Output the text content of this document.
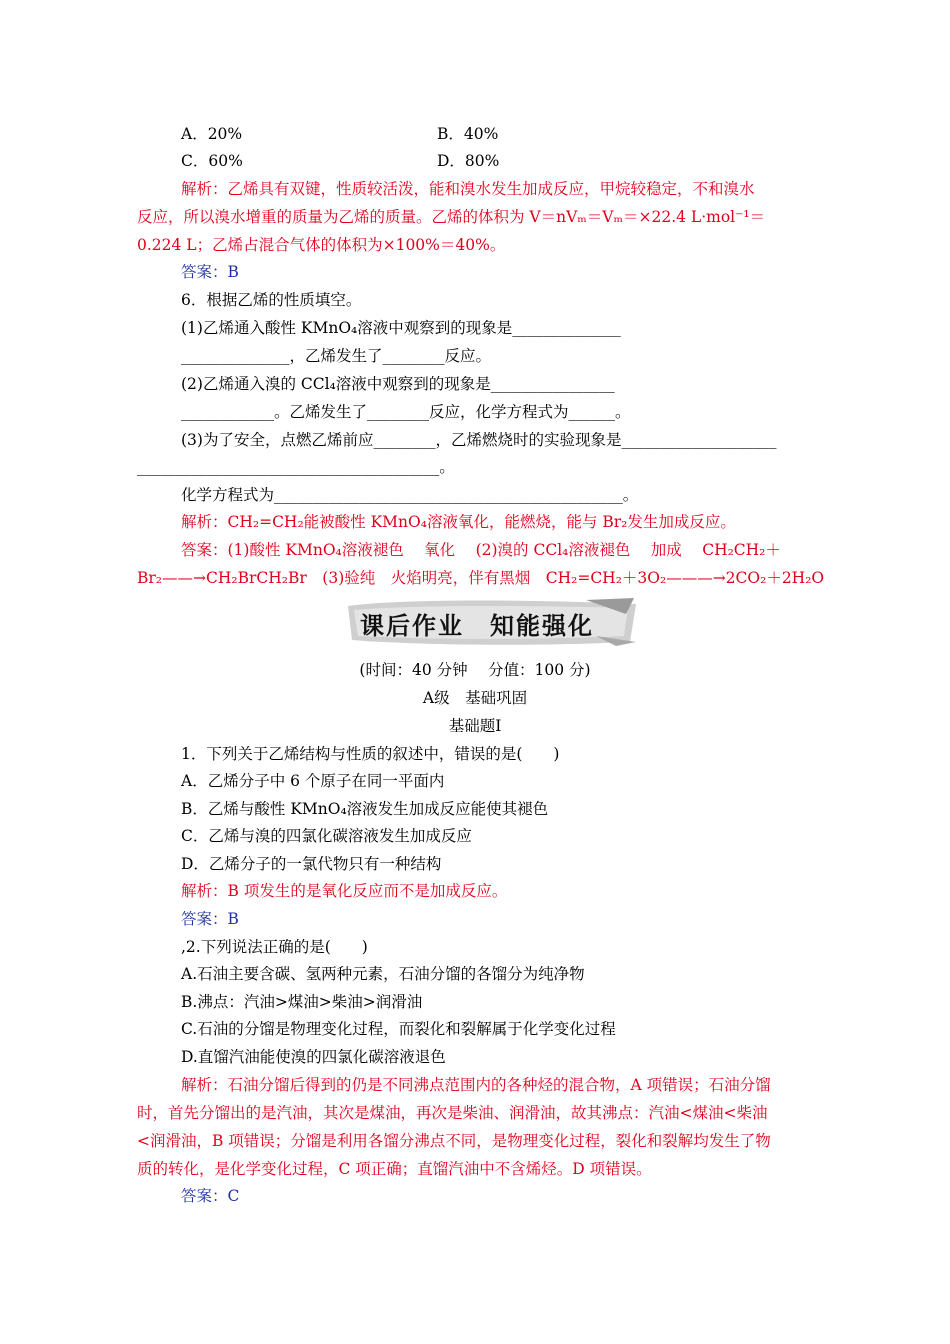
A．20%	B．40%
C．60%	D．80%
解析：乙烯具有双键，性质较活泼，能和溴水发生加成反应，甲烷较稳定，不和溴水
反应，所以溴水增重的质量为乙烯的质量。乙烯的体积为 V＝nVₘ＝Vₘ＝×22.4 L·mol⁻¹＝
0.224 L；乙烯占混合气体的体积为×100%＝40%。
答案：B
6．根据乙烯的性质填空。
(1)乙烯通入酸性 KMnO₄溶液中观察到的现象是______________
______________，乙烯发生了________反应。
(2)乙烯通入溴的 CCl₄溶液中观察到的现象是________________
____________。乙烯发生了________反应，化学方程式为______。
(3)为了安全，点燃乙烯前应________，乙烯燃烧时的实验现象是____________________
_______________________________________。
化学方程式为_____________________________________________。
解析：CH₂=CH₂能被酸性 KMnO₄溶液氧化，能燃烧，能与 Br₂发生加成反应。
答案：(1)酸性 KMnO₄溶液褪色　 氧化　 (2)溴的 CCl₄溶液褪色　 加成　 CH₂CH₂＋
Br₂——→CH₂BrCH₂Br　(3)验纯　火焰明亮，伴有黑烟　CH₂=CH₂＋3O₂———→2CO₂＋2H₂O
课后作业　知能强化
(时间：40 分钟　 分值：100 分)
A级　基础巩固
基础题Ⅰ
1．下列关于乙烯结构与性质的叙述中，错误的是(　　)
A．乙烯分子中 6 个原子在同一平面内
B．乙烯与酸性 KMnO₄溶液发生加成反应能使其褪色
C．乙烯与溴的四氯化碳溶液发生加成反应
D．乙烯分子的一氯代物只有一种结构
解析：B 项发生的是氧化反应而不是加成反应。
答案：B
,2.下列说法正确的是(　　)
A.石油主要含碳、氢两种元素，石油分馏的各馏分为纯净物
B.沸点：汽油>煤油>柴油>润滑油
C.石油的分馏是物理变化过程，而裂化和裂解属于化学变化过程
D.直馏汽油能使溴的四氯化碳溶液退色
解析：石油分馏后得到的仍是不同沸点范围内的各种烃的混合物，A 项错误；石油分馏
时，首先分馏出的是汽油，其次是煤油，再次是柴油、润滑油，故其沸点：汽油<煤油<柴油
<润滑油，B 项错误；分馏是利用各馏分沸点不同，是物理变化过程，裂化和裂解均发生了物
质的转化，是化学变化过程，C 项正确；直馏汽油中不含烯烃。D 项错误。
答案：C
